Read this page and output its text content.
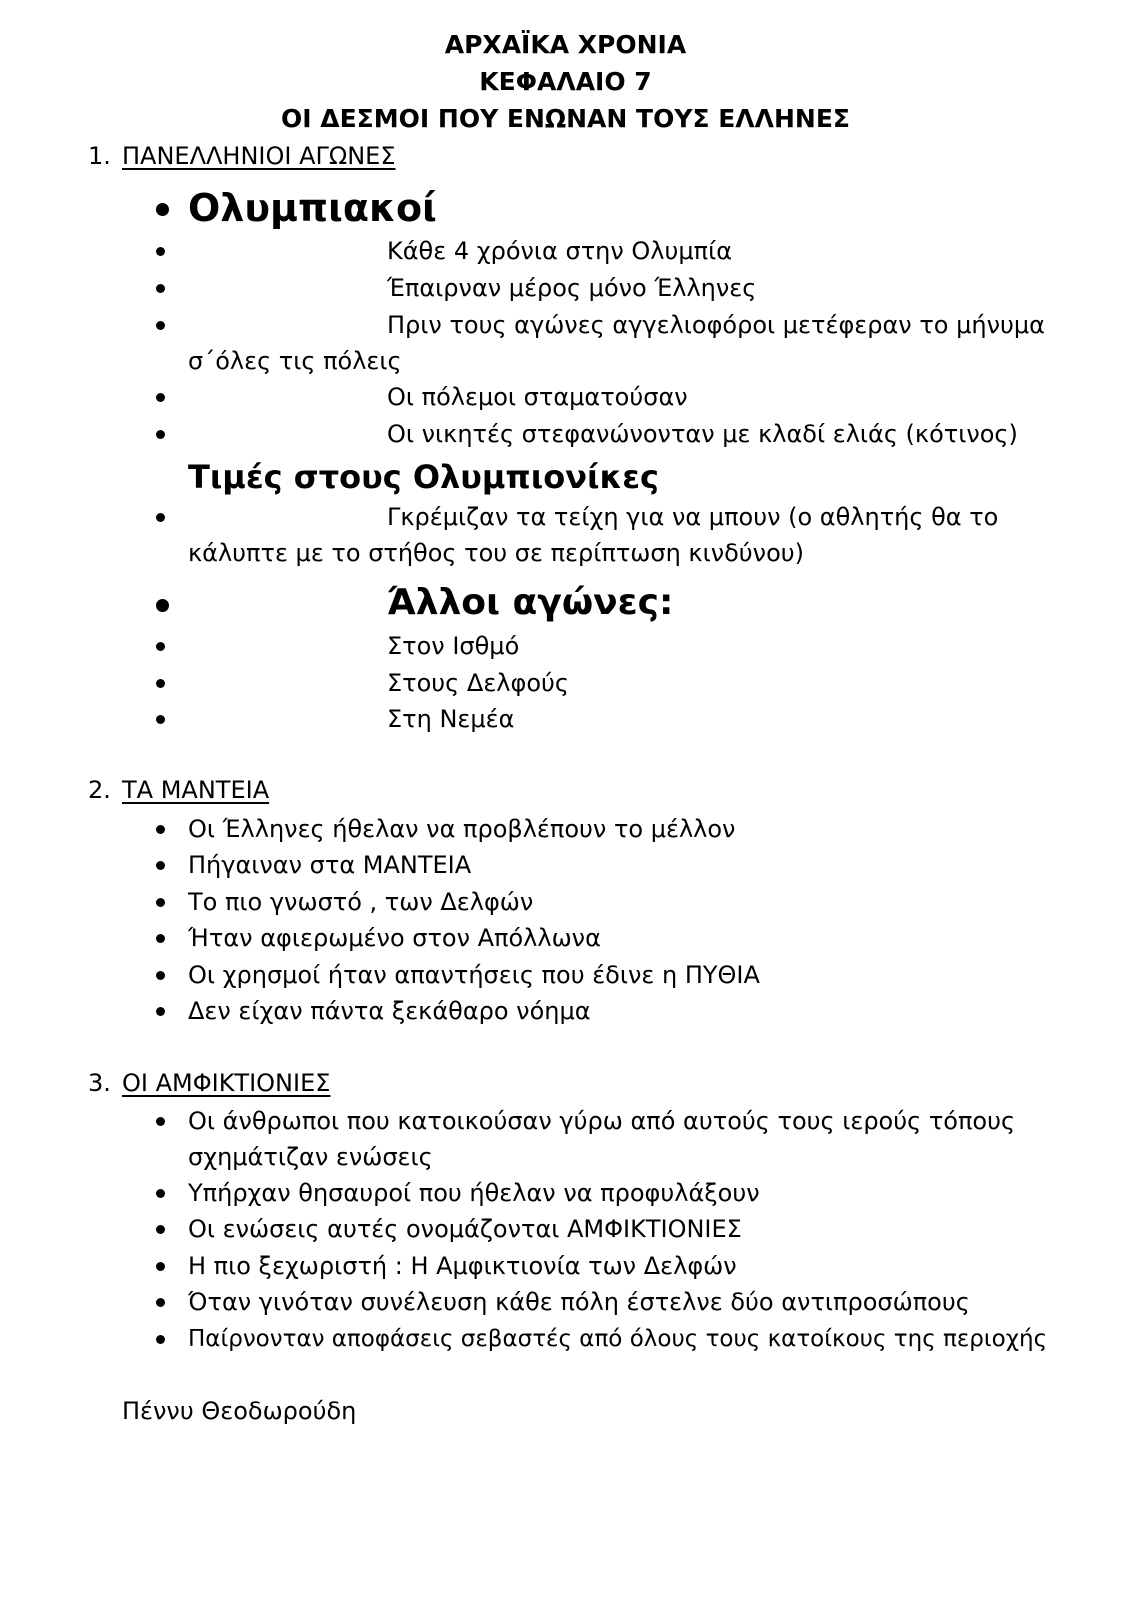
ΑΡΧΑΪΚΑ ΧΡΟΝΙΑ
ΚΕΦΑΛΑΙΟ 7
ΟΙ ΔΕΣΜΟΙ ΠΟΥ ΕΝΩΝΑΝ ΤΟΥΣ ΕΛΛΗΝΕΣ
1. ΠΑΝΕΛΛΗΝΙΟΙ ΑΓΩΝΕΣ
Ολυμπιακοί
Κάθε 4 χρόνια στην Ολυμπία
Έπαιρναν μέρος μόνο Έλληνες
Πριν τους αγώνες αγγελιοφόροι μετέφεραν το μήνυμα
σ΄όλες τις πόλεις
Οι πόλεμοι σταματούσαν
Οι νικητές στεφανώνονταν με κλαδί ελιάς (κότινος)
Τιμές στους Ολυμπιονίκες
Γκρέμιζαν τα τείχη για να μπουν (ο αθλητής θα το
κάλυπτε με το στήθος του σε περίπτωση κινδύνου)
Άλλοι αγώνες:
Στον Ισθμό
Στους Δελφούς
Στη Νεμέα
2. ΤΑ ΜΑΝΤΕΙΑ
Οι Έλληνες ήθελαν να προβλέπουν το μέλλον
Πήγαιναν στα ΜΑΝΤΕΙΑ
Το πιο γνωστό , των Δελφών
Ήταν αφιερωμένο στον Απόλλωνα
Οι χρησμοί ήταν απαντήσεις που έδινε η ΠΥΘΙΑ
Δεν είχαν πάντα ξεκάθαρο νόημα
3. ΟΙ ΑΜΦΙΚΤΙΟΝΙΕΣ
Οι άνθρωποι που κατοικούσαν γύρω από αυτούς τους ιερούς τόπους
σχημάτιζαν ενώσεις
Υπήρχαν θησαυροί που ήθελαν να προφυλάξουν
Οι ενώσεις αυτές ονομάζονται ΑΜΦΙΚΤΙΟΝΙΕΣ
Η πιο ξεχωριστή : Η Αμφικτιονία των Δελφών
Όταν γινόταν συνέλευση κάθε πόλη έστελνε δύο αντιπροσώπους
Παίρνονταν αποφάσεις σεβαστές από όλους τους κατοίκους της περιοχής
Πέννυ Θεοδωρούδη
